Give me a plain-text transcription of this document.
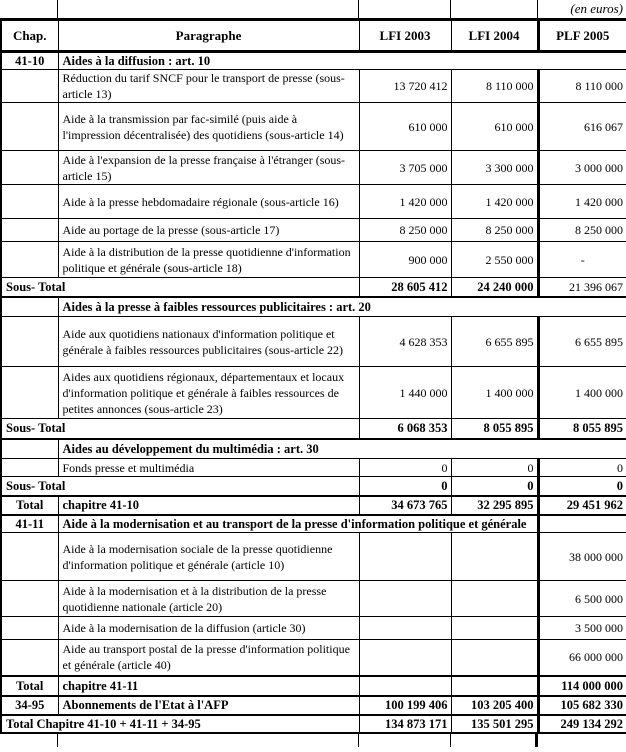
(en euros)
Chap.	Paragraphe	LFI 2003	LFI 2004	PLF 2005
41-10	Aides à la diffusion : art. 10			
	Réduction du tarif SNCF pour le transport de presse (sous-article 13)	13 720 412	8 110 000	8 110 000
	Aide à la transmission par fac-similé (puis aide à l'impression décentralisée) des quotidiens (sous-article 14)	610 000	610 000	616 067
	Aide à l'expansion de la presse française à l'étranger (sous-article 15)	3 705 000	3 300 000	3 000 000
	Aide à la presse hebdomadaire régionale (sous-article 16)	1 420 000	1 420 000	1 420 000
	Aide au portage de la presse (sous-article 17)	8 250 000	8 250 000	8 250 000
	Aide à la distribution de la presse quotidienne d'information politique et générale (sous-article 18)	900 000	2 550 000	-
Sous- Total		28 605 412	24 240 000	21 396 067
	Aides à la presse à faibles ressources publicitaires : art. 20			
	Aide aux quotidiens nationaux d'information politique et générale à faibles ressources publicitaires (sous-article 22)	4 628 353	6 655 895	6 655 895
	Aides aux quotidiens régionaux, départementaux et locaux d'information politique et générale à faibles ressources de petites annonces (sous-article 23)	1 440 000	1 400 000	1 400 000
Sous- Total		6 068 353	8 055 895	8 055 895
	Aides au développement du multimédia : art. 30			
	Fonds presse et multimédia	0	0	0
Sous- Total		0	0	0
Total	chapitre 41-10	34 673 765	32 295 895	29 451 962
41-11	Aide à la modernisation et au transport de la presse d'information politique et générale			
	Aide à la modernisation sociale de la presse quotidienne d'information politique et générale (article 10)			38 000 000
	Aide à la modernisation et à la distribution de la presse quotidienne nationale (article 20)			6 500 000
	Aide à la modernisation de la diffusion (article 30)			3 500 000
	Aide au transport postal de la presse d'information politique et générale (article 40)			66 000 000
Total	chapitre 41-11			114 000 000
34-95	Abonnements de l'Etat à l'AFP	100 199 406	103 205 400	105 682 330
Total Chapitre 41-10 + 41-11 + 34-95		134 873 171	135 501 295	249 134 292
